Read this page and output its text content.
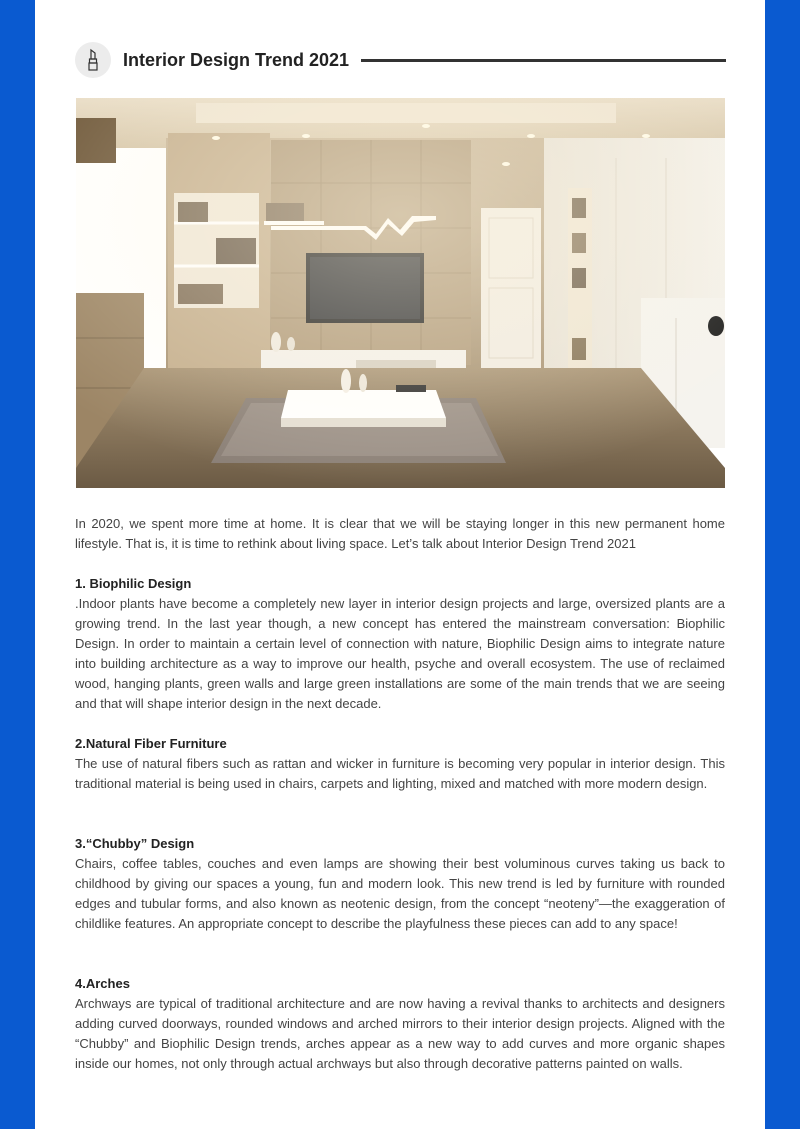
Interior Design Trend 2021

In 2020, we spent more time at home. It is clear that we will be staying longer in this new permanent home lifestyle. That is, it is time to rethink about living space. Let’s talk about Interior Design Trend 2021

1. Biophilic Design

.Indoor plants have become a completely new layer in interior design projects and large, oversized plants are a growing trend. In the last year though, a new concept has entered the mainstream conversation: Biophilic Design. In order to maintain a certain level of connection with nature, Biophilic Design aims to integrate nature into building architecture as a way to improve our health, psyche and overall ecosystem. The use of reclaimed wood, hanging plants, green walls and large green installations are some of the main trends that we are seeing and that will shape interior design in the next decade.

2.Natural Fiber Furniture

The use of natural fibers such as rattan and wicker in furniture is becoming very popular in interior design. This traditional material is being used in chairs, carpets and lighting, mixed and matched with more modern design.

3.“Chubby” Design

Chairs, coffee tables, couches and even lamps are showing their best voluminous curves taking us back to childhood by giving our spaces a young, fun and modern look. This new trend is led by furniture with rounded edges and tubular forms, and also known as neotenic design, from the concept “neoteny”—the exaggeration of childlike features. An appropriate concept to describe the playfulness these pieces can add to any space!

4.Arches

Archways are typical of traditional architecture and are now having a revival thanks to architects and designers adding curved doorways, rounded windows and arched mirrors to their interior design projects. Aligned with the “Chubby” and Biophilic Design trends, arches appear as a new way to add curves and more organic shapes inside our homes, not only through actual archways but also through decorative patterns painted on walls.
